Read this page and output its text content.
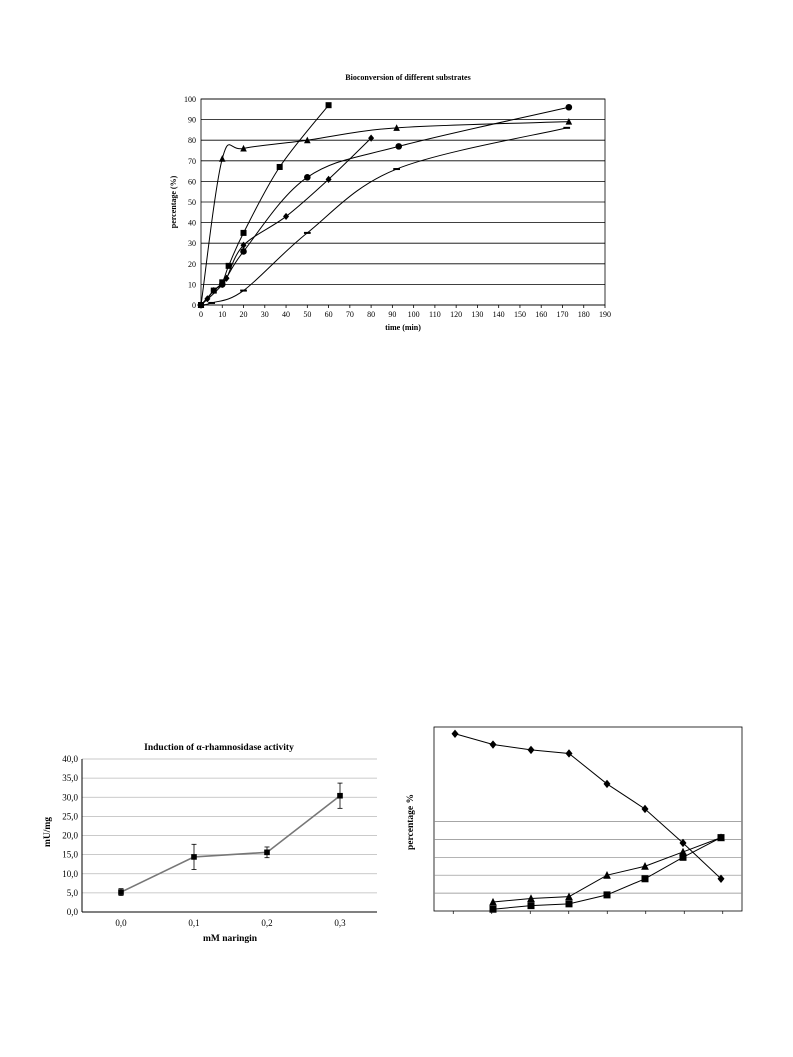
Bioconversion of different substrates
0
10
20
30
40
50
60
70
80
90
100
0 10 20 30 40 50 60 70 80 90 100 110 120 130 140 150 160 170 180 190
time (min)
percentage (%)
Induction of α-rhamnosidase activity
0,0
5,0
10,0
15,0
20,0
25,0
30,0
35,0
40,0
0,0	0,1	0,2	0,3
mM naringin
mU/mg	percentage %
